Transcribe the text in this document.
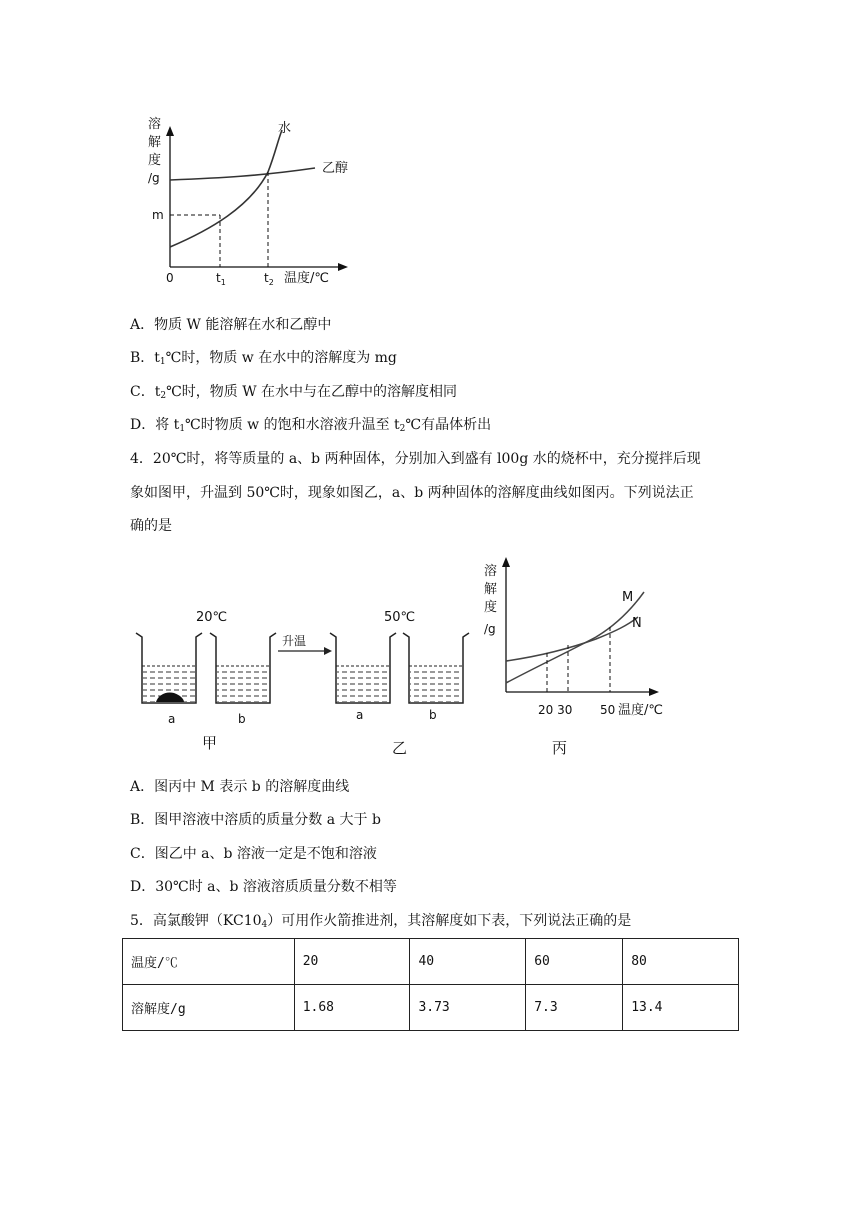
溶
解
度
/g
m
0	$t_1$	$t_2$ 温度/℃
水
乙醇
A．物质 W 能溶解在水和乙醇中
B．$t_1℃$时，物质 w 在水中的溶解度为 mg
C．$t_2℃$时，物质 W 在水中与在乙醇中的溶解度相同
D．将 $t_1℃$时物质 w 的饱和水溶液升温至 $t_2℃$有晶体析出
4．20℃时，将等质量的 a、b 两种固体，分别加入到盛有 l00g 水的烧杯中，充分搅拌后现
象如图甲，升温到 50℃时，现象如图乙，a、b 两种固体的溶解度曲线如图丙。下列说法正
确的是
20℃	50℃
a	b
升温
a	b
甲	乙	丙
溶
解
度
/g
M
N
20 30 50 温度/℃
A．图丙中 M 表示 b 的溶解度曲线
B．图甲溶液中溶质的质量分数 a 大于 b
C．图乙中 a、b 溶液一定是不饱和溶液
D．30℃时 a、b 溶液溶质质量分数不相等
5．高氯酸钾$(KC10_4)$可用作火箭推进剂，其溶解度如下表，下列说法正确的是
温度/℃	20	40	60	80
溶解度/g	1.68	3.73	7.3	13.4
